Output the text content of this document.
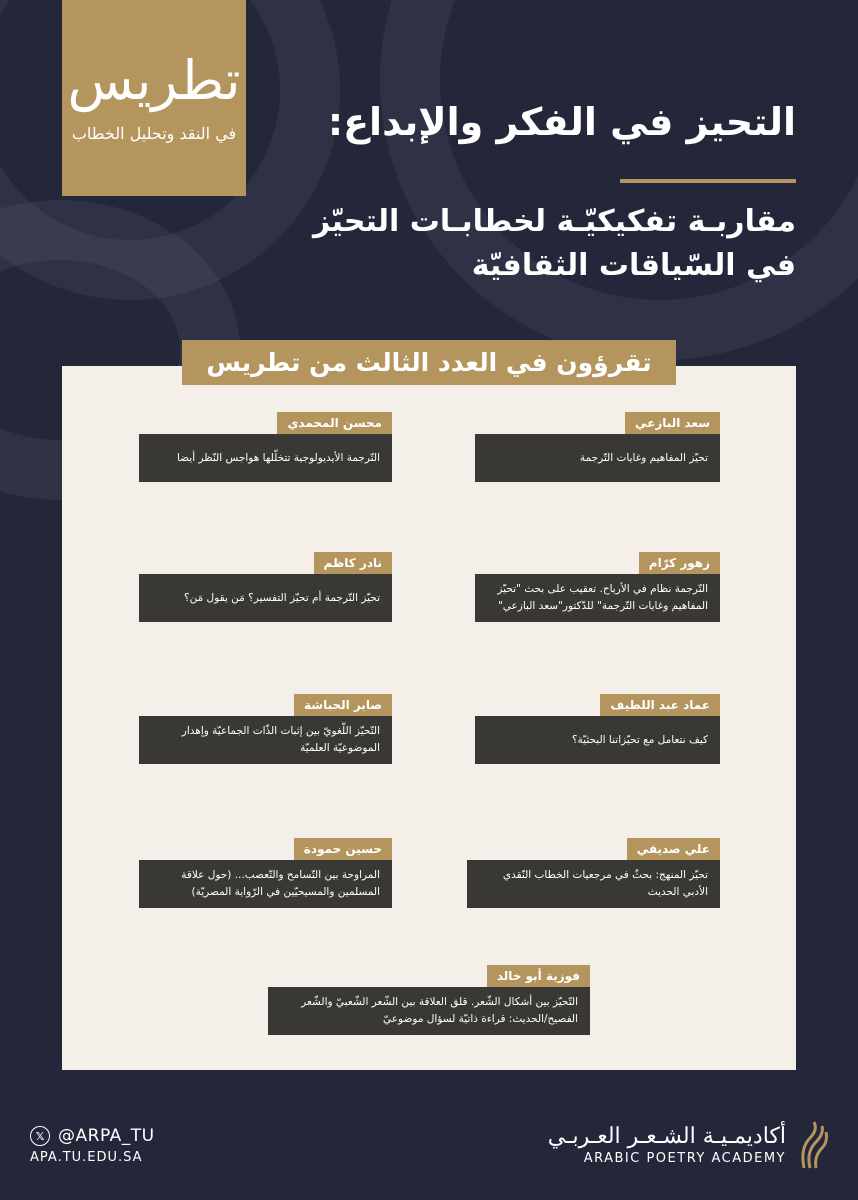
تطريس
في النقد وتحليل الخطاب التحيز في الفكر والإبداع:
مقاربـة تفكيكيّـة لخطابـات التحيّز في السّياقات الثقافيّة
تقرؤون في العدد الثالث من تطريس
سعد البازعي
تحيّز المفاهيم وغايات التّرجمة
زهور كرّام
التّرجمة نظام في الأرياح. تعقيب على بحث "تحيّز المفاهيم وغايات التّرجمة" للدّكتور"سعد البازعي"
عماد عبد اللطيف
كيف نتعامل مع تحيّزاتنا البحثيّة؟
علي صديقي
تحيّز المنهج: بحثٌ في مرجعيات الخطاب النّقدي الأدبي الحديث
محسن المحمدي
التّرجمة الأيديولوجية تتخلّلها هواجس النّظر أيضا
نادر كاظم
تحيّز التّرجمة أم تحيّز التفسير؟ مَن يقول مَن؟
صابر الحباشة
التّحيّز اللّغويّ بين إثبات الذّات الجماعيّة وإهدار الموضوعيّة العلميّة
حسين حمودة
المراوحة بين التّسامح والتّعصب... (حول علاقة المسلمين والمسيحيّين في الرّواية المصريّة)
فوزية أبو خالد
التّحيّز بين أشكال الشّعر. قلق العلاقة بين الشّعر الشّعبيّ والشّعر الفصيح/الحديث: قراءة ذاتيّة لسؤال موضوعيّ
𝕏 @ARPA_TU
APA.TU.EDU.SA
أكاديمـيـة الشـعـر العـربـي
ARABIC POETRY ACADEMY
